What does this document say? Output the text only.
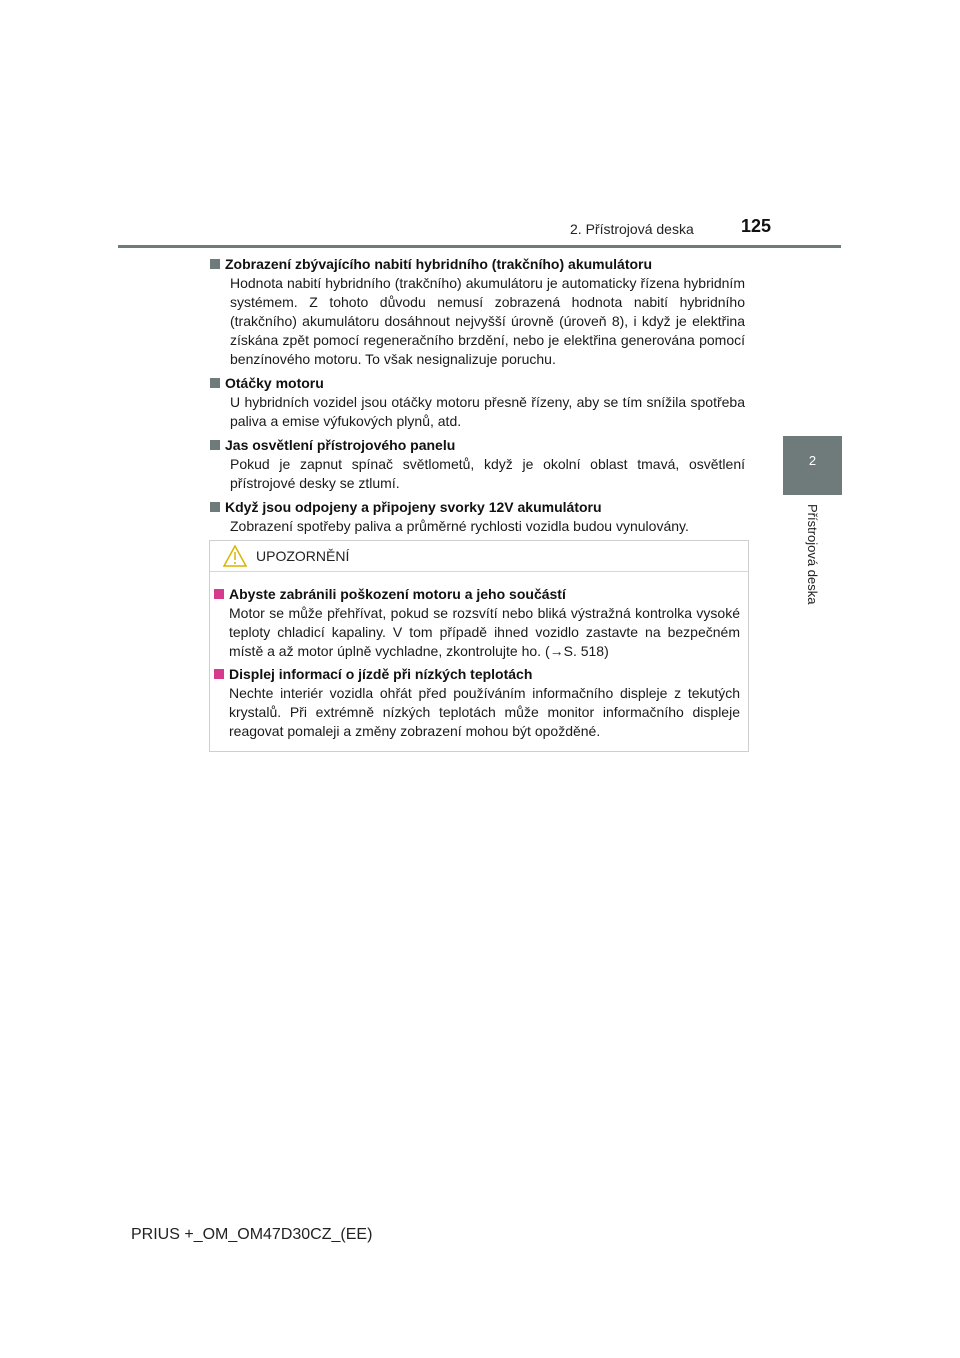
2. Přístrojová deska	125
2
Přístrojová deska
Zobrazení zbývajícího nabití hybridního (trakčního) akumulátoru
Hodnota nabití hybridního (trakčního) akumulátoru je automaticky řízena hybridním systémem. Z tohoto důvodu nemusí zobrazená hodnota nabití hybridního (trakčního) akumulátoru dosáhnout nejvyšší úrovně (úroveň 8), i když je elektřina získána zpět pomocí regeneračního brzdění, nebo je elektřina generována pomocí benzínového motoru. To však nesignalizuje poruchu.
Otáčky motoru
U hybridních vozidel jsou otáčky motoru přesně řízeny, aby se tím snížila spotřeba paliva a emise výfukových plynů, atd.
Jas osvětlení přístrojového panelu
Pokud je zapnut spínač světlometů, když je okolní oblast tmavá, osvětlení přístrojové desky se ztlumí.
Když jsou odpojeny a připojeny svorky 12V akumulátoru
Zobrazení spotřeby paliva a průměrné rychlosti vozidla budou vynulovány.
UPOZORNĚNÍ
Abyste zabránili poškození motoru a jeho součástí
Motor se může přehřívat, pokud se rozsvítí nebo bliká výstražná kontrolka vysoké teploty chladicí kapaliny. V tom případě ihned vozidlo zastavte na bezpečném místě a až motor úplně vychladne, zkontrolujte ho. (→S. 518)
Displej informací o jízdě při nízkých teplotách
Nechte interiér vozidla ohřát před používáním informačního displeje z tekutých krystalů. Při extrémně nízkých teplotách může monitor informačního displeje reagovat pomaleji a změny zobrazení mohou být opožděné.
PRIUS +_OM_OM47D30CZ_(EE)
